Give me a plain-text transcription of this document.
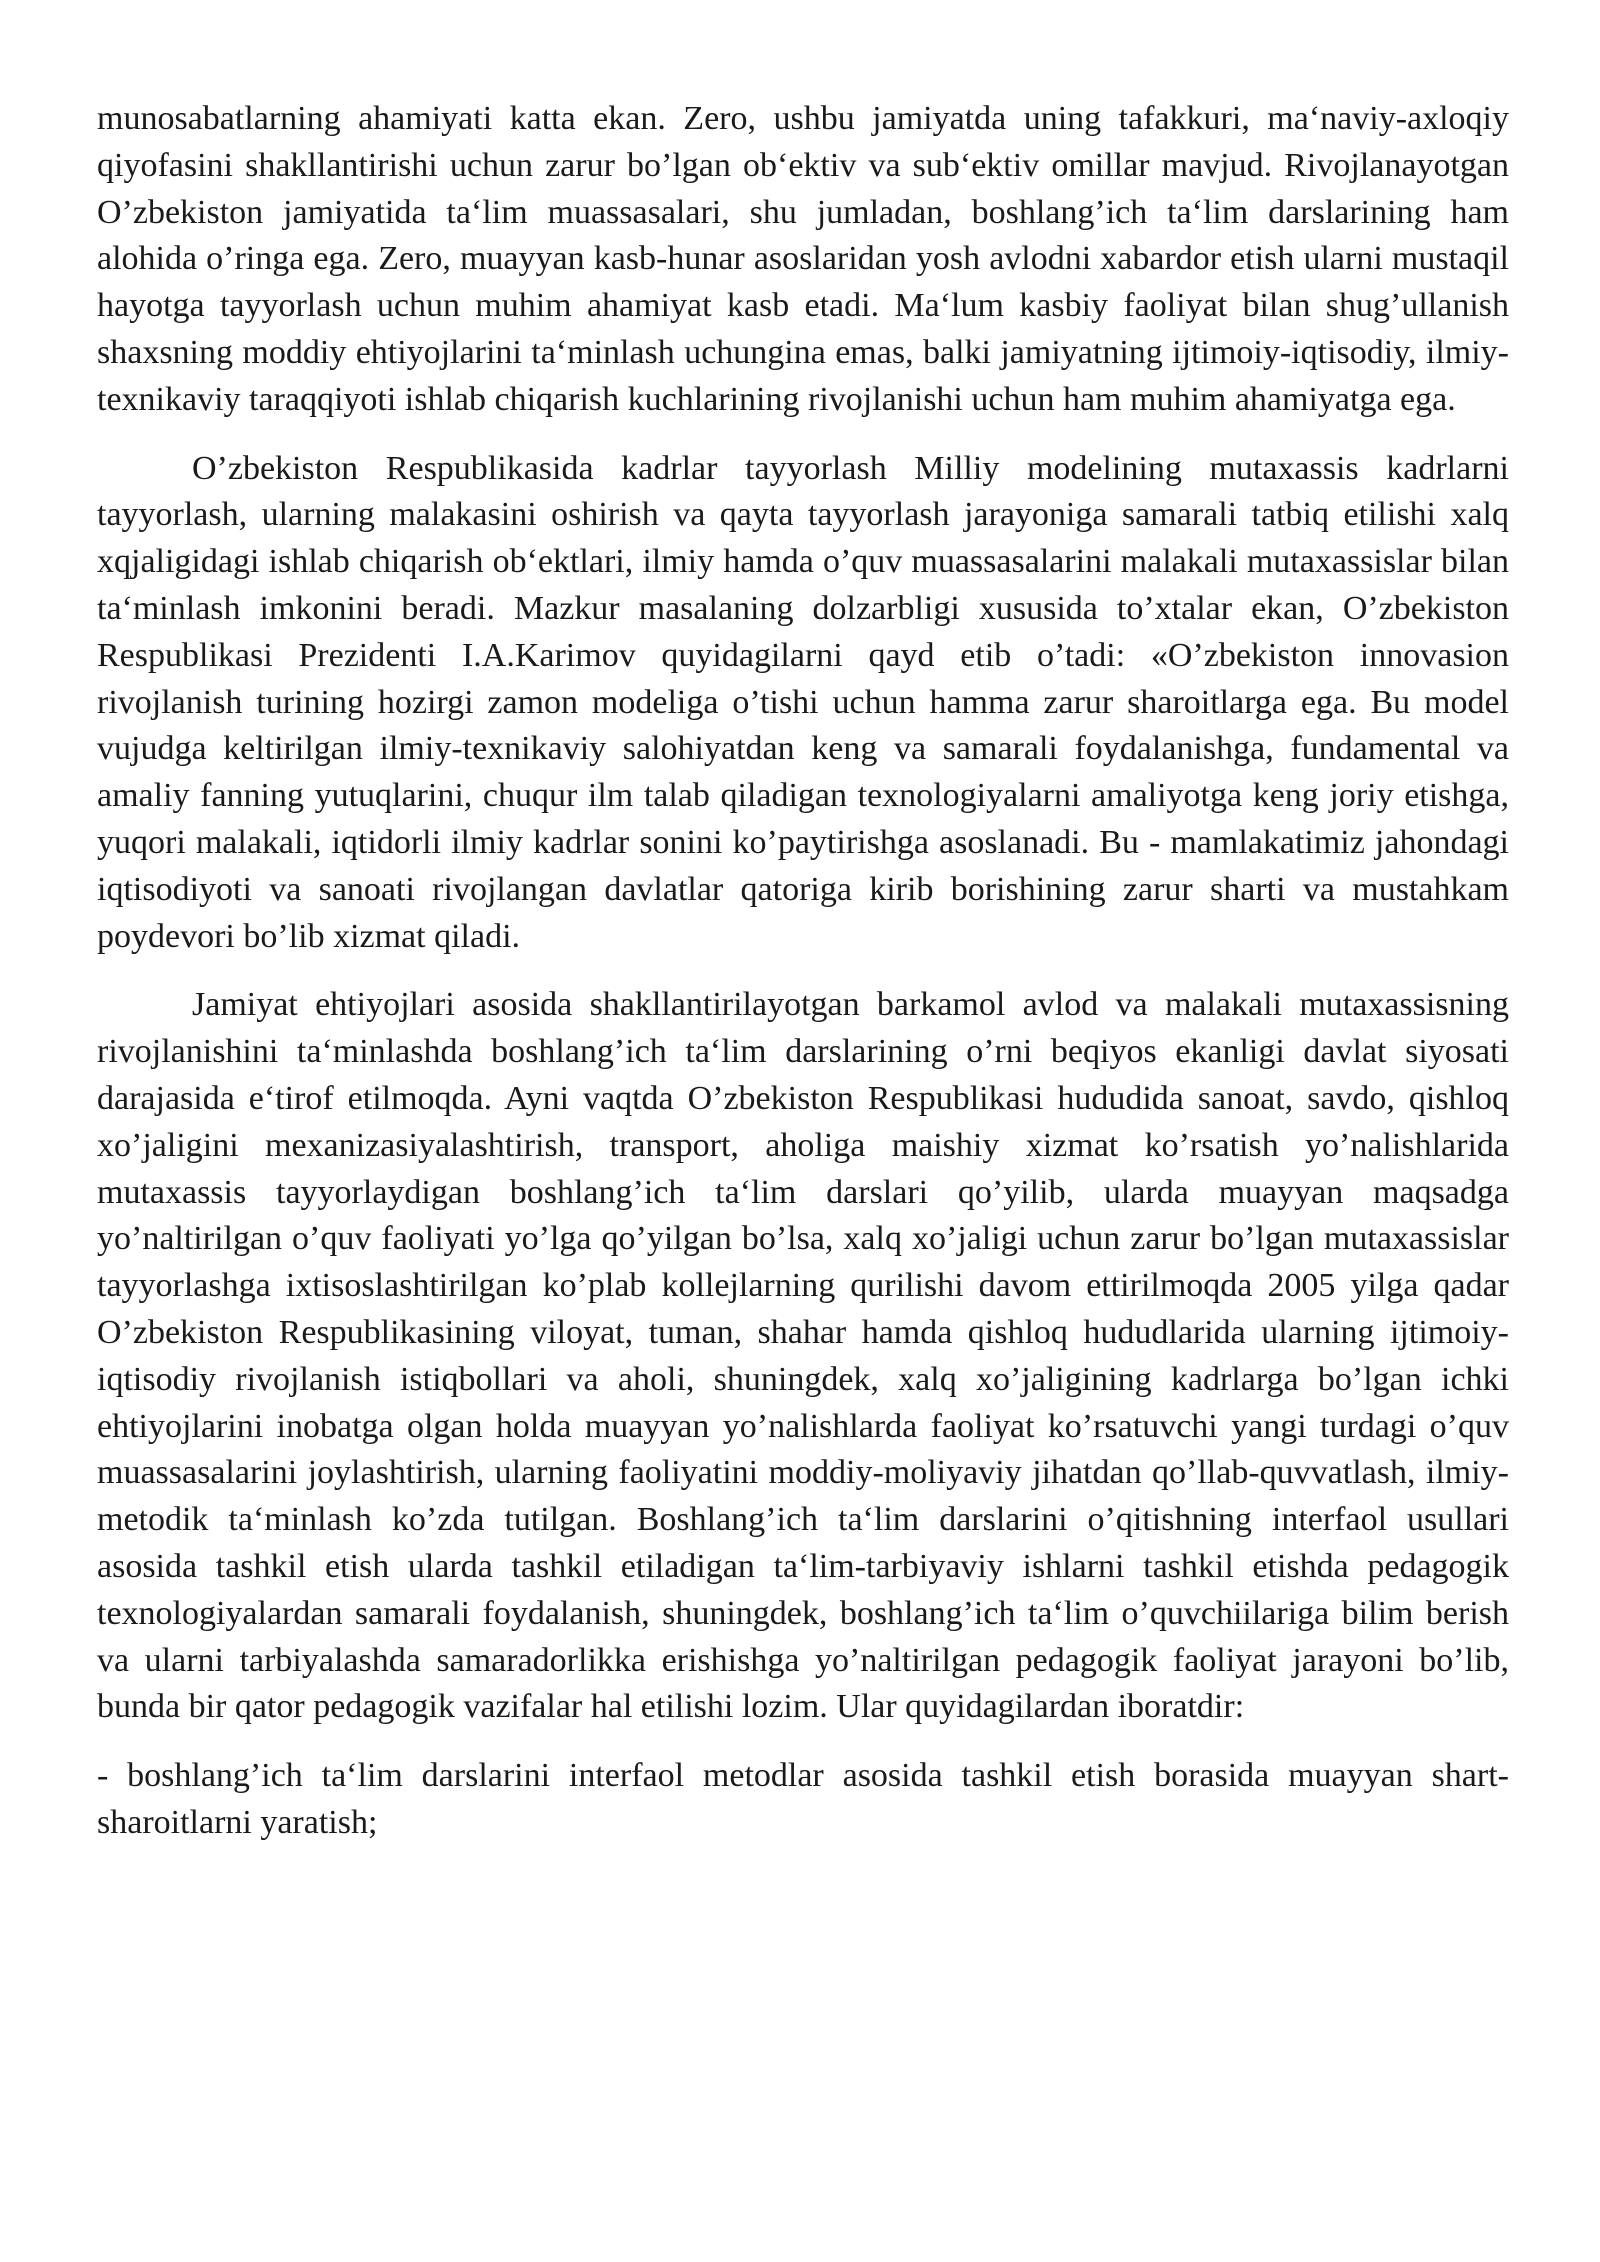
munosabatlarning ahamiyati katta ekan. Zero, ushbu jamiyatda uning tafakkuri, ma‘naviy-axloqiy qiyofasini shakllantirishi uchun zarur bo’lgan ob‘ektiv va sub‘ektiv omillar mavjud. Rivojlanayotgan O’zbekiston jamiyatida ta‘lim muassasalari, shu jumladan, boshlang’ich ta‘lim darslarining ham alohida o’ringa ega. Zero, muayyan kasb-hunar asoslaridan yosh avlodni xabardor etish ularni mustaqil hayotga tayyorlash uchun muhim ahamiyat kasb etadi. Ma‘lum kasbiy faoliyat bilan shug’ullanish shaxsning moddiy ehtiyojlarini ta‘minlash uchungina emas, balki jamiyatning ijtimoiy-iqtisodiy, ilmiy-texnikaviy taraqqiyoti ishlab chiqarish kuchlarining rivojlanishi uchun ham muhim ahamiyatga ega.

O’zbekiston Respublikasida kadrlar tayyorlash Milliy modelining mutaxassis kadrlarni tayyorlash, ularning malakasini oshirish va qayta tayyorlash jarayoniga samarali tatbiq etilishi xalq xqjaligidagi ishlab chiqarish ob‘ektlari, ilmiy hamda o’quv muassasalarini malakali mutaxassislar bilan ta‘minlash imkonini beradi. Mazkur masalaning dolzarbligi xususida to’xtalar ekan, O’zbekiston Respublikasi Prezidenti I.A.Karimov quyidagilarni qayd etib o’tadi: «O’zbekiston innovasion rivojlanish turining hozirgi zamon modeliga o’tishi uchun hamma zarur sharoitlarga ega. Bu model vujudga keltirilgan ilmiy-texnikaviy salohiyatdan keng va samarali foydalanishga, fundamental va amaliy fanning yutuqlarini, chuqur ilm talab qiladigan texnologiyalarni amaliyotga keng joriy etishga, yuqori malakali, iqtidorli ilmiy kadrlar sonini ko’paytirishga asoslanadi. Bu - mamlakatimiz jahondagi iqtisodiyoti va sanoati rivojlangan davlatlar qatoriga kirib borishining zarur sharti va mustahkam poydevori bo’lib xizmat qiladi.

Jamiyat ehtiyojlari asosida shakllantirilayotgan barkamol avlod va malakali mutaxassisning rivojlanishini ta‘minlashda boshlang’ich ta‘lim darslarining o’rni beqiyos ekanligi davlat siyosati darajasida e‘tirof etilmoqda. Ayni vaqtda O’zbekiston Respublikasi hududida sanoat, savdo, qishloq xo’jaligini mexanizasiyalashtirish, transport, aholiga maishiy xizmat ko’rsatish yo’nalishlarida mutaxassis tayyorlaydigan boshlang’ich ta‘lim darslari qo’yilib, ularda muayyan maqsadga yo’naltirilgan o’quv faoliyati yo’lga qo’yilgan bo’lsa, xalq xo’jaligi uchun zarur bo’lgan mutaxassislar tayyorlashga ixtisoslashtirilgan ko’plab kollejlarning qurilishi davom ettirilmoqda 2005 yilga qadar O’zbekiston Respublikasining viloyat, tuman, shahar hamda qishloq hududlarida ularning ijtimoiy-iqtisodiy rivojlanish istiqbollari va aholi, shuningdek, xalq xo’jaligining kadrlarga bo’lgan ichki ehtiyojlarini inobatga olgan holda muayyan yo’nalishlarda faoliyat ko’rsatuvchi yangi turdagi o’quv muassasalarini joylashtirish, ularning faoliyatini moddiy-moliyaviy jihatdan qo’llab-quvvatlash, ilmiy-metodik ta‘minlash ko’zda tutilgan. Boshlang’ich ta‘lim darslarini o’qitishning interfaol usullari asosida tashkil etish ularda tashkil etiladigan ta‘lim-tarbiyaviy ishlarni tashkil etishda pedagogik texnologiyalardan samarali foydalanish, shuningdek, boshlang’ich ta‘lim o’quvchiilariga bilim berish va ularni tarbiyalashda samaradorlikka erishishga yo’naltirilgan pedagogik faoliyat jarayoni bo’lib, bunda bir qator pedagogik vazifalar hal etilishi lozim. Ular quyidagilardan iboratdir:

- boshlang’ich ta‘lim darslarini interfaol metodlar asosida tashkil etish borasida muayyan shart-sharoitlarni yaratish;
